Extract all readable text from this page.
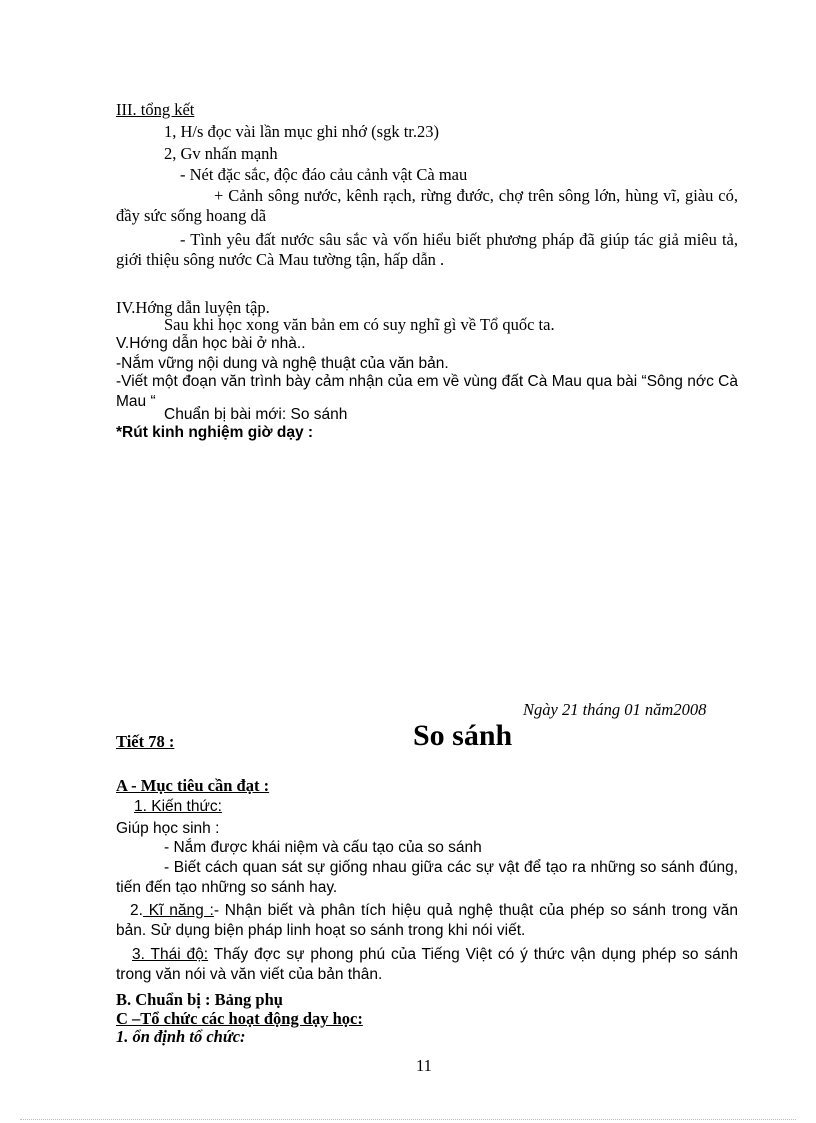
III. tổng kết
1, H/s đọc vài lần mục ghi nhớ (sgk tr.23)
2, Gv nhấn mạnh
- Nét đặc sắc, độc đáo cảu cảnh vật Cà mau
+ Cảnh sông nước, kênh rạch, rừng đước, chợ trên sông lớn, hùng vĩ, giàu có, đầy sức sống hoang dã
- Tình yêu đất nước sâu sắc và vốn hiểu biết phương pháp đã giúp tác giả miêu tả, giới thiệu sông nước Cà Mau tường tận, hấp dẫn .
IV.Hớng dẫn luyện tập.
Sau khi học xong văn bản em có suy nghĩ gì về Tổ quốc ta.
V.Hớng dẫn học bài ở nhà..
-Nắm vững nội dung và nghệ thuật của văn bản.
-Viết một đoạn văn trình bày cảm nhận của em về vùng đất Cà Mau qua bài “Sông nớc Cà Mau “
Chuẩn bị bài mới: So sánh
*Rút kinh nghiệm giờ dạy :
Ngày 21 tháng 01 năm2008
Tiết 78 :	So sánh
A - Mục tiêu cần đạt :
1. Kiến thức:
Giúp học sinh :
- Nắm được khái niệm và cấu tạo của so sánh
- Biết cách quan sát sự giống nhau giữa các sự vật để tạo ra những so sánh đúng, tiến đến tạo những so sánh hay.
2. Kĩ năng :- Nhận biết và phân tích hiệu quả nghệ thuật của phép so sánh trong văn bản. Sử dụng biện pháp linh hoạt so sánh trong khi nói viết.
3. Thái độ: Thấy đợc sự phong phú của Tiếng Việt có ý thức vận dụng phép so sánh trong văn nói và văn viết của bản thân.
B. Chuẩn bị : Bảng phụ
C –Tổ chức các hoạt động dạy học:
1. ổn định tổ chức:
11
